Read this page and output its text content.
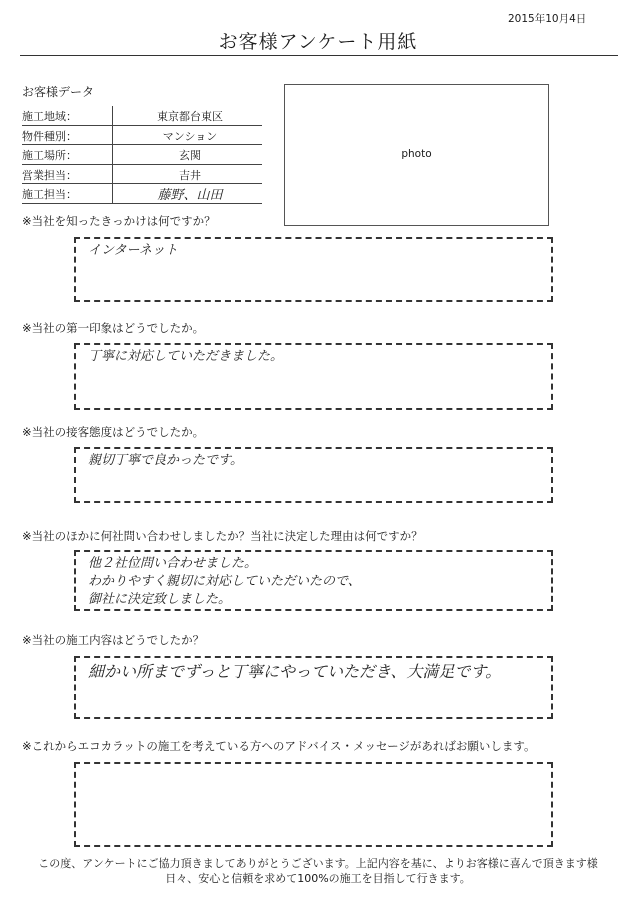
2015年10月4日
お客様アンケート用紙
お客様データ
施工地域：	東京都台東区
物件種別：	マンション
施工場所：	玄関
営業担当：	吉井
施工担当：	藤野、山田
photo
※当社を知ったきっかけは何ですか？
インターネット
※当社の第一印象はどうでしたか。
丁寧に対応していただきました。
※当社の接客態度はどうでしたか。
親切丁寧で良かったです。
※当社のほかに何社問い合わせしましたか？当社に決定した理由は何ですか？
他２社位問い合わせました。
わかりやすく親切に対応していただいたので、
御社に決定致しました。
※当社の施工内容はどうでしたか？
細かい所までずっと丁寧にやっていただき、大満足です。
※これからエコカラットの施工を考えている方へのアドバイス・メッセージがあればお願いします。
この度、アンケートにご協力頂きましてありがとうございます。上記内容を基に、よりお客様に喜んで頂きます様
日々、安心と信頼を求めて100%の施工を目指して行きます。
